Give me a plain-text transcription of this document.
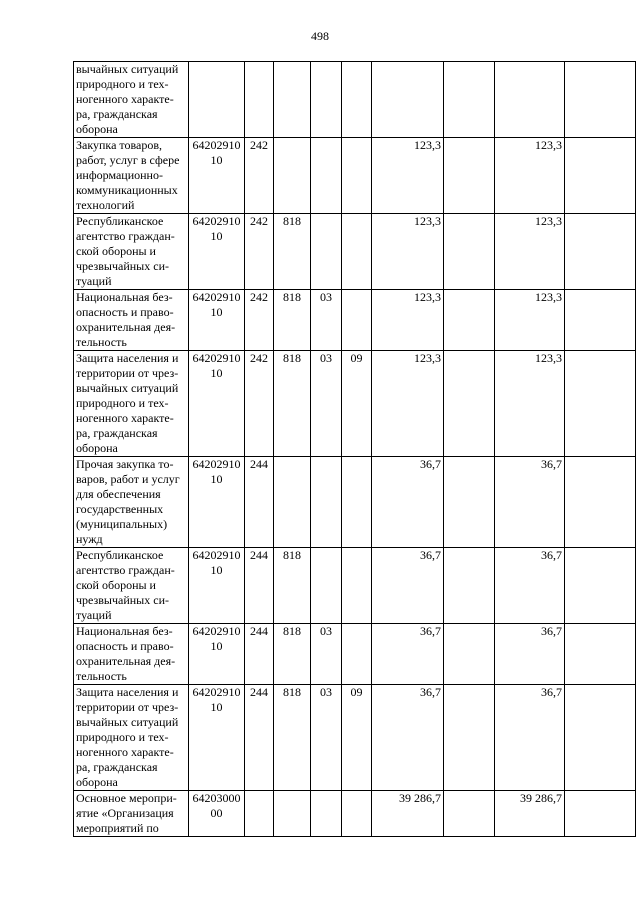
498
вычайных ситуаций природного и тех-ногенного характе-ра, гражданская оборона									
Закупка товаров, работ, услуг в сфере информационно-коммуникационных технологий	64202910 10	242				123,3		123,3	
Республиканское агентство граждан-ской обороны и чрезвычайных си-туаций	64202910 10	242	818			123,3		123,3	
Национальная без-опасность и право-охранительная дея-тельность	64202910 10	242	818	03		123,3		123,3	
Защита населения и территории от чрез-вычайных ситуаций природного и тех-ногенного характе-ра, гражданская оборона	64202910 10	242	818	03	09	123,3		123,3	
Прочая закупка то-варов, работ и услуг для обеспечения государственных (муниципальных) нужд	64202910 10	244				36,7		36,7	
Республиканское агентство граждан-ской обороны и чрезвычайных си-туаций	64202910 10	244	818			36,7		36,7	
Национальная без-опасность и право-охранительная дея-тельность	64202910 10	244	818	03		36,7		36,7	
Защита населения и территории от чрез-вычайных ситуаций природного и тех-ногенного характе-ра, гражданская оборона	64202910 10	244	818	03	09	36,7		36,7	
Основное меропри-ятие «Организация мероприятий по	64203000 00					39 286,7		39 286,7	
